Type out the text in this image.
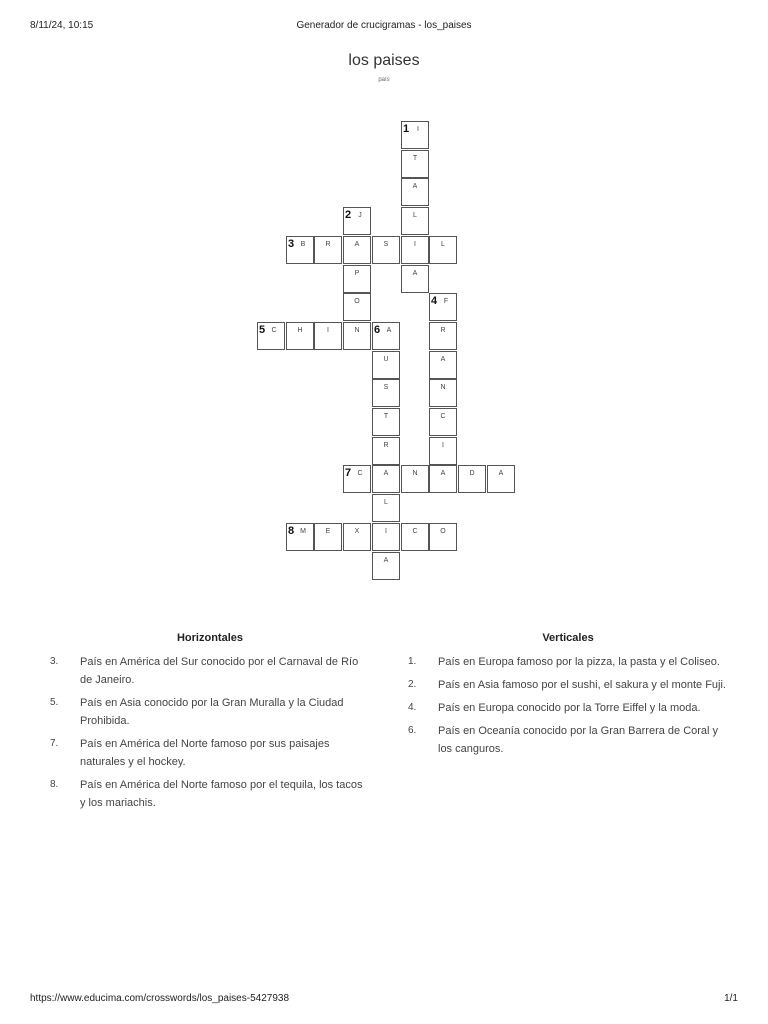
8/11/24, 10:15	Generador de crucigramas - los_paises
los paises
país
1	I
T
A
L
I
A
2	J
A
P
O
N
3 B	R	S	L
4 F
R
A
N
C
I
A
5 C	H	I	6 A
U
S
T
R
A
L
I
A
7 C	N	D	A
8 M	E	X	C	O
Horizontales
3.	País en América del Sur conocido por el Carnaval de Río de Janeiro.
5.	País en Asia conocido por la Gran Muralla y la Ciudad Prohibida.
7.	País en América del Norte famoso por sus paisajes naturales y el hockey.
8.	País en América del Norte famoso por el tequila, los tacos y los mariachis.
Verticales
1.	País en Europa famoso por la pizza, la pasta y el Coliseo.
2.	País en Asia famoso por el sushi, el sakura y el monte Fuji.
4.	País en Europa conocido por la Torre Eiffel y la moda.
6.	País en Oceanía conocido por la Gran Barrera de Coral y los canguros.
https://www.educima.com/crosswords/los_paises-5427938	1/1
